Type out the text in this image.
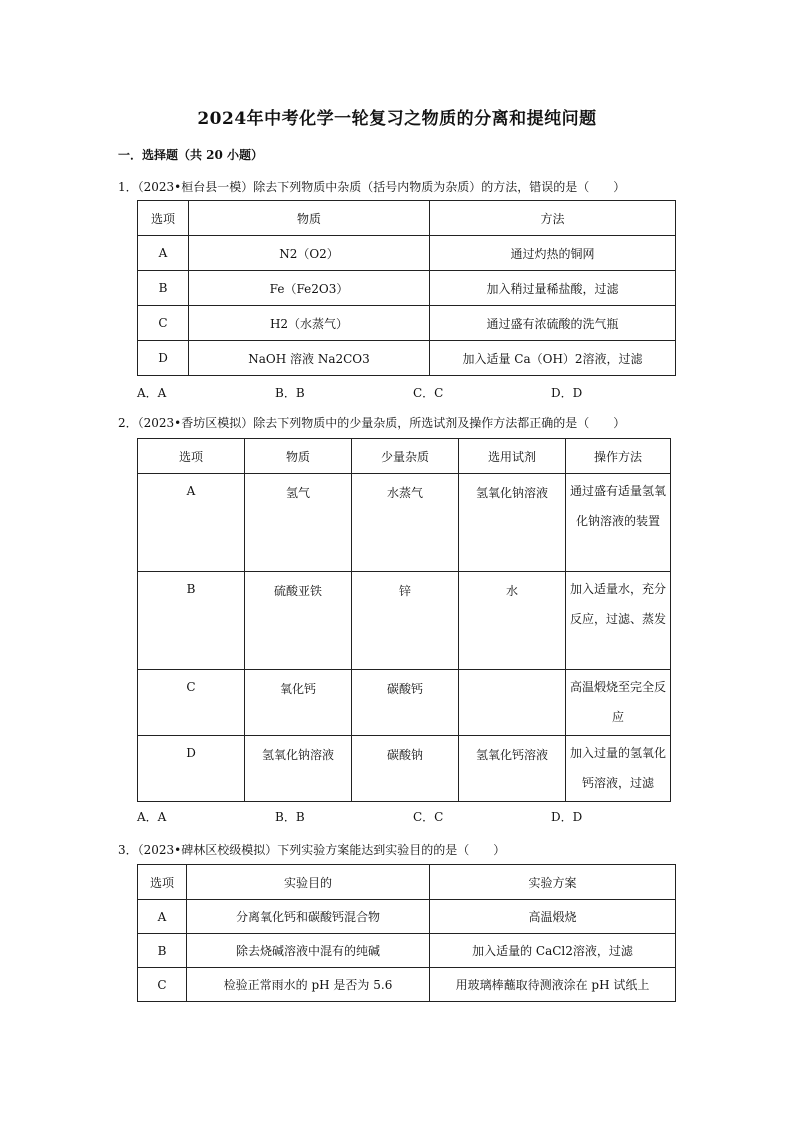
2024年中考化学一轮复习之物质的分离和提纯问题
一．选择题（共 20 小题）
1．（2023•桓台县一模）除去下列物质中杂质（括号内物质为杂质）的方法，错误的是（　　）
选项	物质	方法
A	N2（O2）	通过灼热的铜网
B	Fe（Fe2O3）	加入稍过量稀盐酸，过滤
C	H2（水蒸气）	通过盛有浓硫酸的洗气瓶
D	NaOH 溶液 Na2CO3	加入适量 Ca（OH）2溶液，过滤
A．A	B．B	C．C	D．D
2．（2023•香坊区模拟）除去下列物质中的少量杂质，所选试剂及操作方法都正确的是（　　）
选项	物质	少量杂质	选用试剂	操作方法
A	氢气	水蒸气	氢氧化钠溶液	通过盛有适量氢氧化钠溶液的装置
B	硫酸亚铁	锌	水	加入适量水，充分反应，过滤、蒸发
C	氧化钙	碳酸钙		高温煅烧至完全反应
D	氢氧化钠溶液	碳酸钠	氢氧化钙溶液	加入过量的氢氧化钙溶液，过滤
A．A	B．B	C．C	D．D
3．（2023•碑林区校级模拟）下列实验方案能达到实验目的的是（　　）
选项	实验目的	实验方案
A	分离氧化钙和碳酸钙混合物	高温煅烧
B	除去烧碱溶液中混有的纯碱	加入适量的 CaCl2溶液，过滤
C	检验正常雨水的 pH 是否为 5.6	用玻璃棒蘸取待测液涂在 pH 试纸上
